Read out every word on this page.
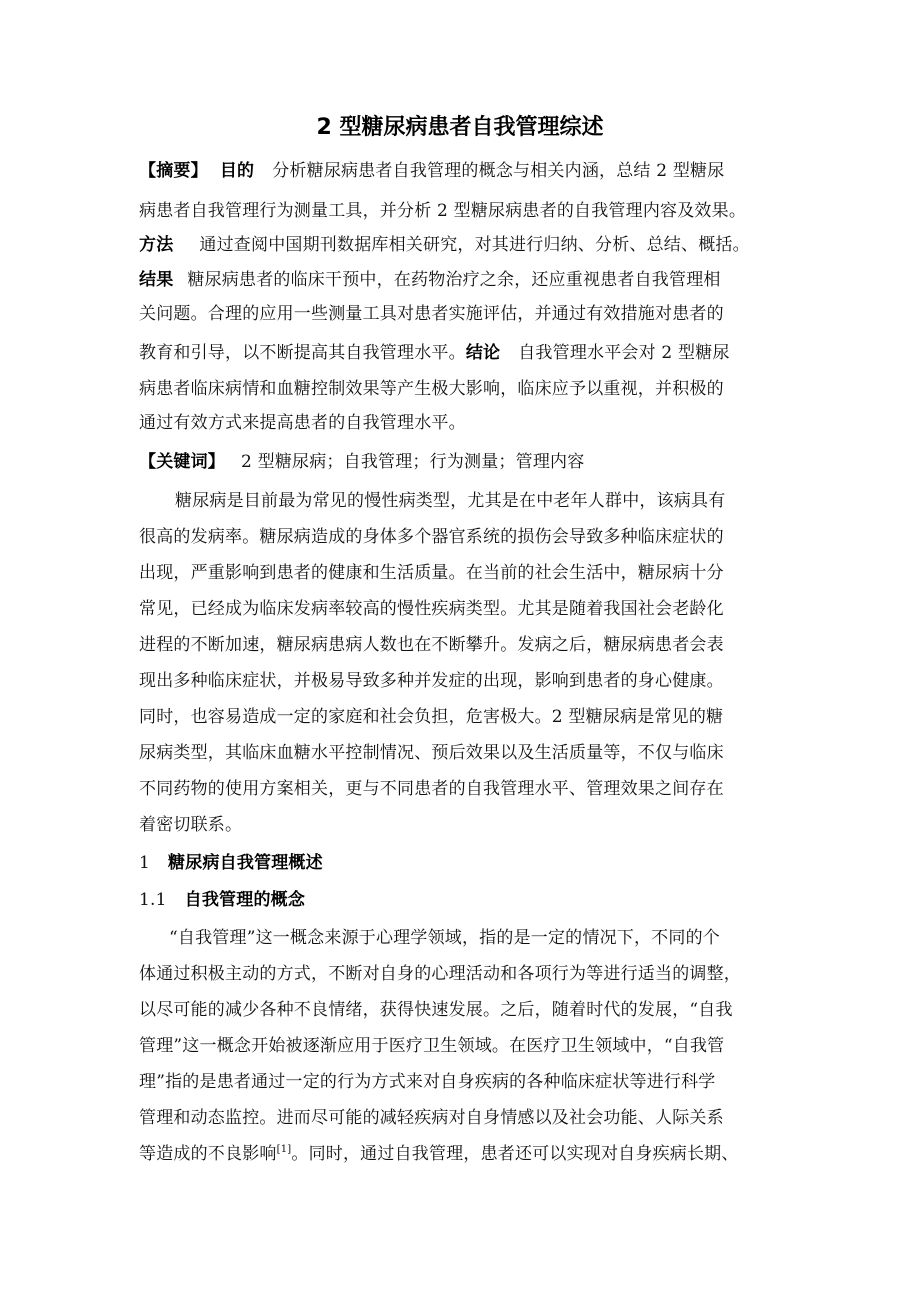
2 型糖尿病患者自我管理综述
【摘要】 目的 分析糖尿病患者自我管理的概念与相关内涵，总结 2 型糖尿
病患者自我管理行为测量工具，并分析 2 型糖尿病患者的自我管理内容及效果。
方法 通过查阅中国期刊数据库相关研究，对其进行归纳、分析、总结、概括。
结果 糖尿病患者的临床干预中，在药物治疗之余，还应重视患者自我管理相
关问题。合理的应用一些测量工具对患者实施评估，并通过有效措施对患者的
教育和引导，以不断提高其自我管理水平。结论 自我管理水平会对 2 型糖尿
病患者临床病情和血糖控制效果等产生极大影响，临床应予以重视，并积极的
通过有效方式来提高患者的自我管理水平。
【关键词】 2 型糖尿病；自我管理；行为测量；管理内容
糖尿病是目前最为常见的慢性病类型，尤其是在中老年人群中，该病具有
很高的发病率。糖尿病造成的身体多个器官系统的损伤会导致多种临床症状的
出现，严重影响到患者的健康和生活质量。在当前的社会生活中，糖尿病十分
常见，已经成为临床发病率较高的慢性疾病类型。尤其是随着我国社会老龄化
进程的不断加速，糖尿病患病人数也在不断攀升。发病之后，糖尿病患者会表
现出多种临床症状，并极易导致多种并发症的出现，影响到患者的身心健康。
同时，也容易造成一定的家庭和社会负担，危害极大。2 型糖尿病是常见的糖
尿病类型，其临床血糖水平控制情况、预后效果以及生活质量等，不仅与临床
不同药物的使用方案相关，更与不同患者的自我管理水平、管理效果之间存在
着密切联系。
1 糖尿病自我管理概述
1.1 自我管理的概念
“自我管理”这一概念来源于心理学领域，指的是一定的情况下，不同的个
体通过积极主动的方式，不断对自身的心理活动和各项行为等进行适当的调整，
以尽可能的减少各种不良情绪，获得快速发展。之后，随着时代的发展，“自我
管理”这一概念开始被逐渐应用于医疗卫生领域。在医疗卫生领域中，“自我管
理”指的是患者通过一定的行为方式来对自身疾病的各种临床症状等进行科学
管理和动态监控。进而尽可能的减轻疾病对自身情感以及社会功能、人际关系
等造成的不良影响[1]。同时，通过自我管理，患者还可以实现对自身疾病长期、
